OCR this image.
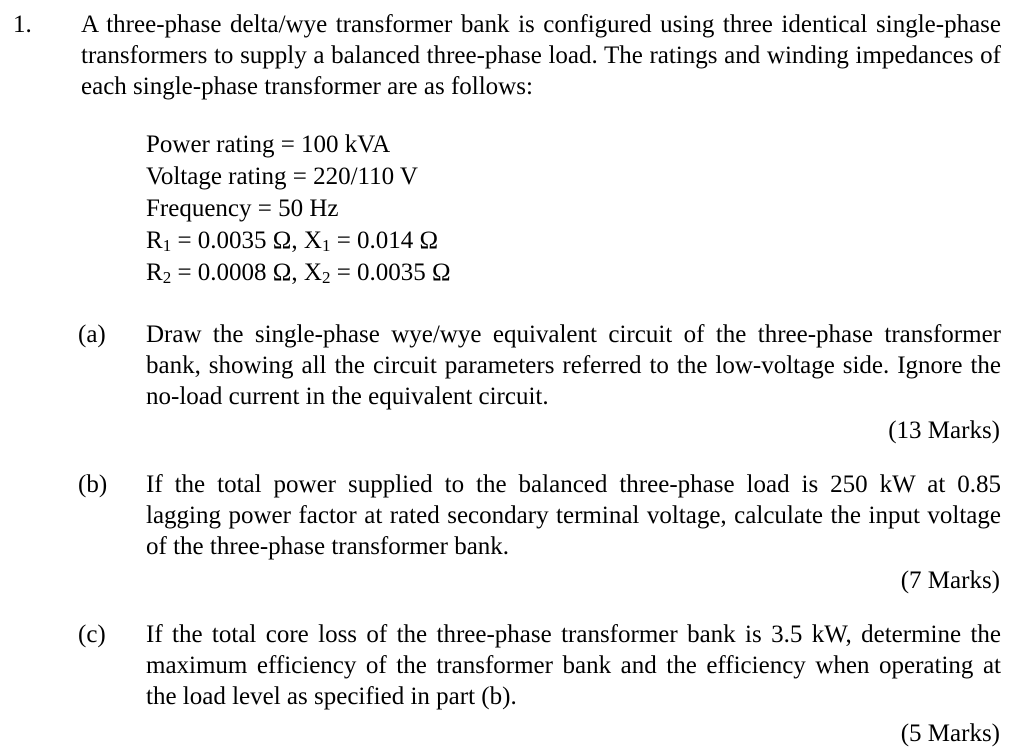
1. A three-phase delta/wye transformer bank is configured using three identical single-phase transformers to supply a balanced three-phase load. The ratings and winding impedances of each single-phase transformer are as follows:
Power rating = 100 kVA
Voltage rating = 220/110 V
Frequency = 50 Hz
$R_1 = 0.0035$ Ω, $X_1 = 0.014$ Ω
$R_2 = 0.0008$ Ω, $X_2 = 0.0035$ Ω
(a) Draw the single-phase wye/wye equivalent circuit of the three-phase transformer bank, showing all the circuit parameters referred to the low-voltage side. Ignore the no-load current in the equivalent circuit.
(13 Marks)
(b) If the total power supplied to the balanced three-phase load is 250 kW at 0.85 lagging power factor at rated secondary terminal voltage, calculate the input voltage of the three-phase transformer bank.
(7 Marks)
(c) If the total core loss of the three-phase transformer bank is 3.5 kW, determine the maximum efficiency of the transformer bank and the efficiency when operating at the load level as specified in part (b).
(5 Marks)
